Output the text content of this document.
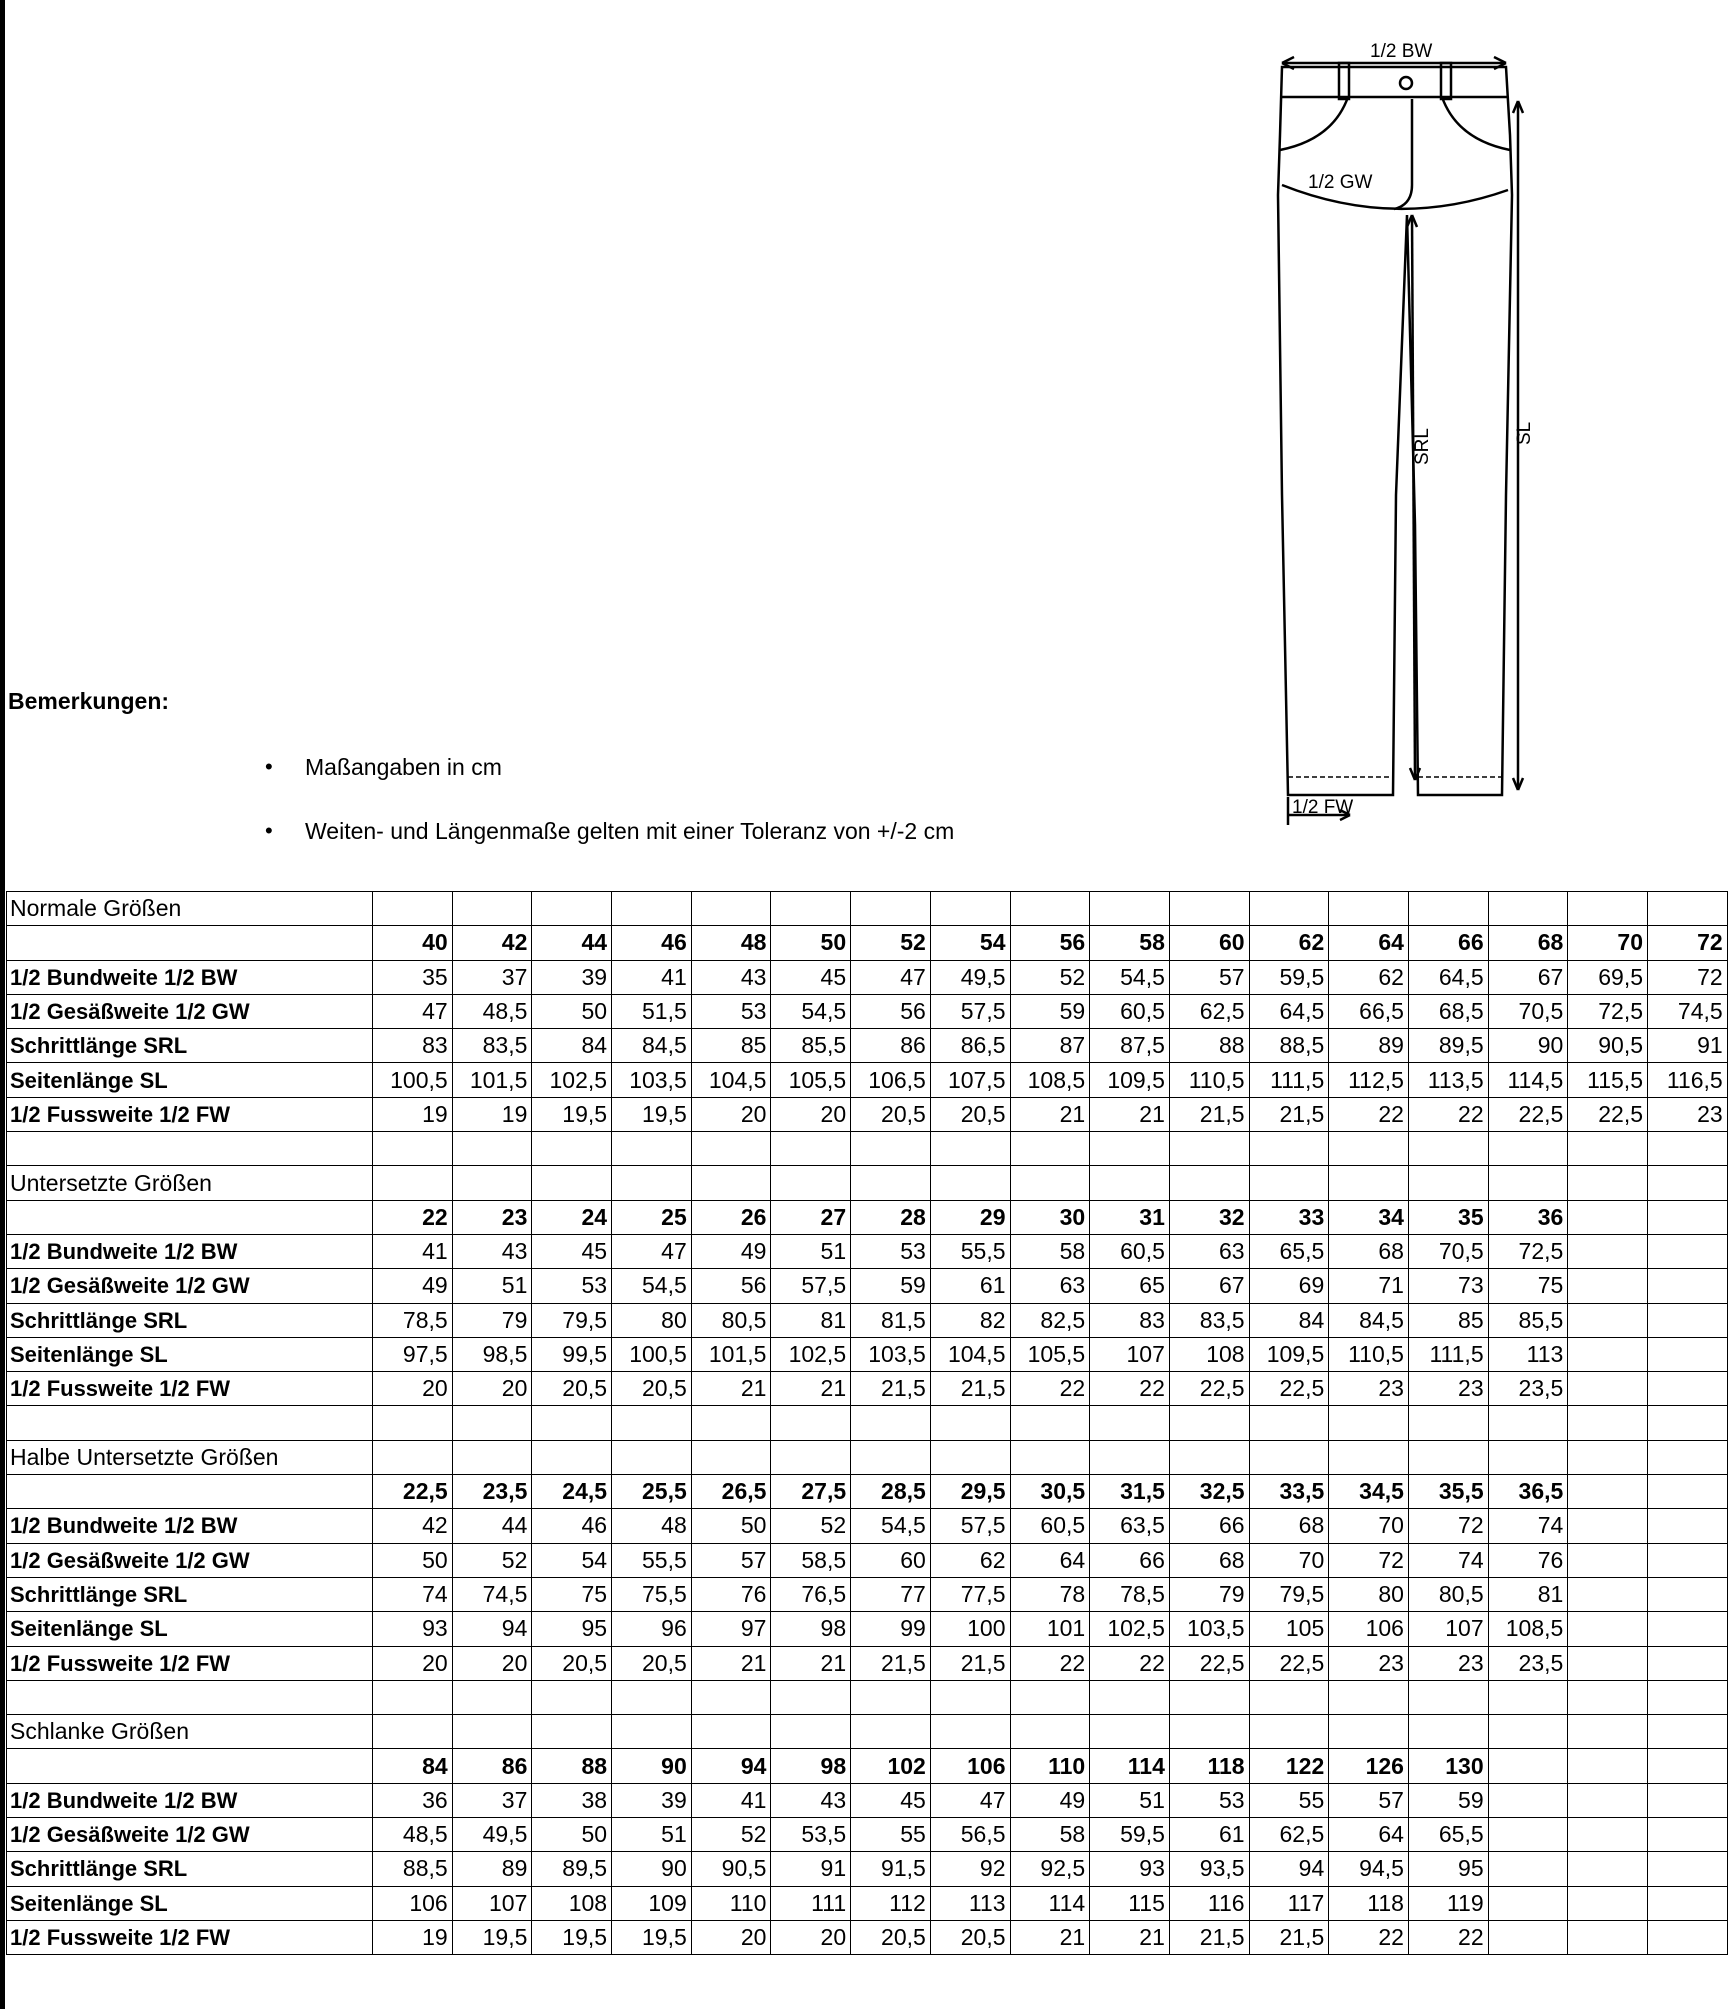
1/2 BW
1/2 GW
SRL	SL
1/2 FW
Bemerkungen:
• Maßangaben in cm
• Weiten- und Längenmaße gelten mit einer Toleranz von +/-2 cm
Normale Größen																	
	40	42	44	46	48	50	52	54	56	58	60	62	64	66	68	70	72
1/2 Bundweite 1/2 BW	35	37	39	41	43	45	47	49,5	52	54,5	57	59,5	62	64,5	67	69,5	72
1/2 Gesäßweite 1/2 GW	47	48,5	50	51,5	53	54,5	56	57,5	59	60,5	62,5	64,5	66,5	68,5	70,5	72,5	74,5
Schrittlänge SRL	83	83,5	84	84,5	85	85,5	86	86,5	87	87,5	88	88,5	89	89,5	90	90,5	91
Seitenlänge SL	100,5	101,5	102,5	103,5	104,5	105,5	106,5	107,5	108,5	109,5	110,5	111,5	112,5	113,5	114,5	115,5	116,5
1/2 Fussweite 1/2 FW	19	19	19,5	19,5	20	20	20,5	20,5	21	21	21,5	21,5	22	22	22,5	22,5	23

Untersetzte Größen																	
	22	23	24	25	26	27	28	29	30	31	32	33	34	35	36		
1/2 Bundweite 1/2 BW	41	43	45	47	49	51	53	55,5	58	60,5	63	65,5	68	70,5	72,5		
1/2 Gesäßweite 1/2 GW	49	51	53	54,5	56	57,5	59	61	63	65	67	69	71	73	75		
Schrittlänge SRL	78,5	79	79,5	80	80,5	81	81,5	82	82,5	83	83,5	84	84,5	85	85,5		
Seitenlänge SL	97,5	98,5	99,5	100,5	101,5	102,5	103,5	104,5	105,5	107	108	109,5	110,5	111,5	113		
1/2 Fussweite 1/2 FW	20	20	20,5	20,5	21	21	21,5	21,5	22	22	22,5	22,5	23	23	23,5		

Halbe Untersetzte Größen																	
	22,5	23,5	24,5	25,5	26,5	27,5	28,5	29,5	30,5	31,5	32,5	33,5	34,5	35,5	36,5		
1/2 Bundweite 1/2 BW	42	44	46	48	50	52	54,5	57,5	60,5	63,5	66	68	70	72	74		
1/2 Gesäßweite 1/2 GW	50	52	54	55,5	57	58,5	60	62	64	66	68	70	72	74	76		
Schrittlänge SRL	74	74,5	75	75,5	76	76,5	77	77,5	78	78,5	79	79,5	80	80,5	81		
Seitenlänge SL	93	94	95	96	97	98	99	100	101	102,5	103,5	105	106	107	108,5		
1/2 Fussweite 1/2 FW	20	20	20,5	20,5	21	21	21,5	21,5	22	22	22,5	22,5	23	23	23,5		

Schlanke Größen																	
	84	86	88	90	94	98	102	106	110	114	118	122	126	130			
1/2 Bundweite 1/2 BW	36	37	38	39	41	43	45	47	49	51	53	55	57	59			
1/2 Gesäßweite 1/2 GW	48,5	49,5	50	51	52	53,5	55	56,5	58	59,5	61	62,5	64	65,5			
Schrittlänge SRL	88,5	89	89,5	90	90,5	91	91,5	92	92,5	93	93,5	94	94,5	95			
Seitenlänge SL	106	107	108	109	110	111	112	113	114	115	116	117	118	119			
1/2 Fussweite 1/2 FW	19	19,5	19,5	19,5	20	20	20,5	20,5	21	21	21,5	21,5	22	22			
